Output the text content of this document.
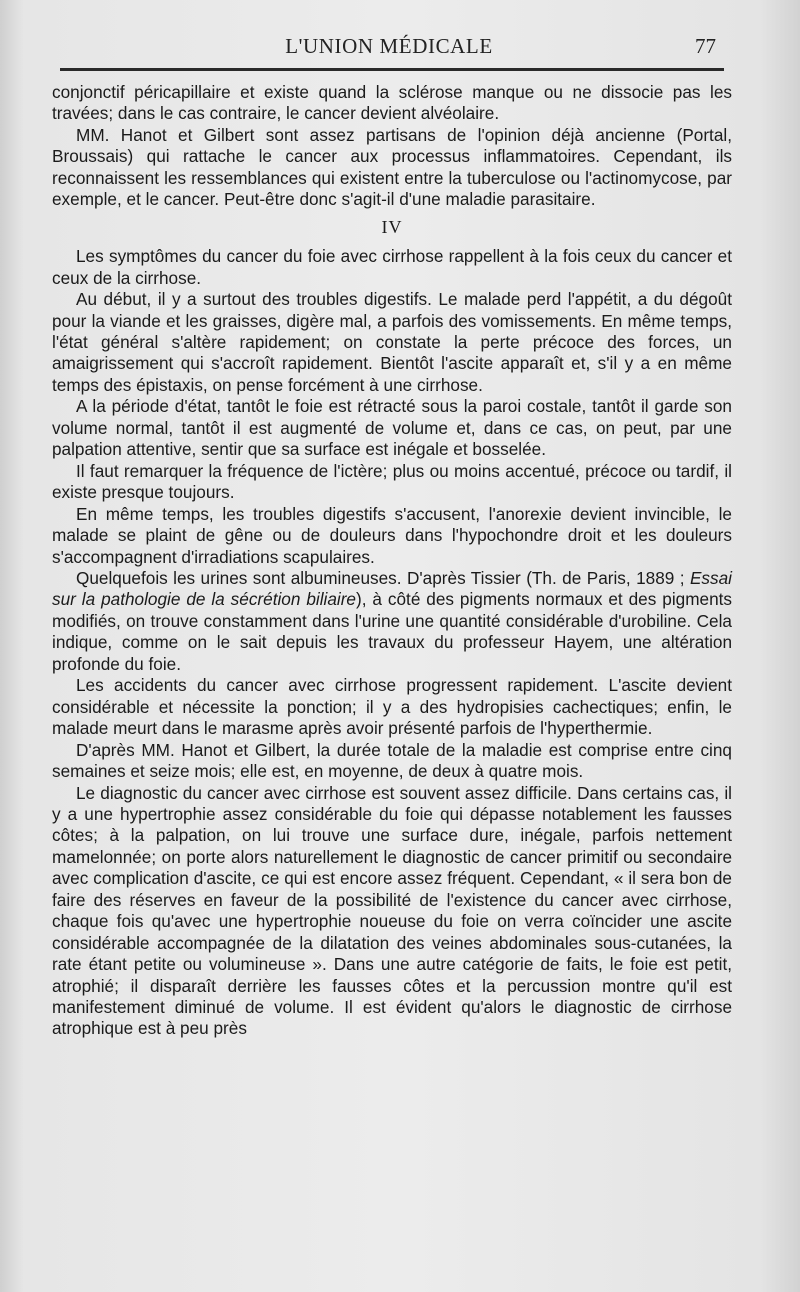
L'UNION MÉDICALE	77

conjonctif péricapillaire et existe quand la sclérose manque ou ne dissocie pas les travées; dans le cas contraire, le cancer devient alvéolaire.

MM. Hanot et Gilbert sont assez partisans de l'opinion déjà ancienne (Portal, Broussais) qui rattache le cancer aux processus inflammatoires. Cependant, ils reconnaissent les ressemblances qui existent entre la tuberculose ou l'actinomycose, par exemple, et le cancer. Peut-être donc s'agit-il d'une maladie parasitaire.

IV

Les symptômes du cancer du foie avec cirrhose rappellent à la fois ceux du cancer et ceux de la cirrhose.

Au début, il y a surtout des troubles digestifs. Le malade perd l'appétit, a du dégoût pour la viande et les graisses, digère mal, a parfois des vomissements. En même temps, l'état général s'altère rapidement; on constate la perte précoce des forces, un amaigrissement qui s'accroît rapidement. Bientôt l'ascite apparaît et, s'il y a en même temps des épistaxis, on pense forcément à une cirrhose.

A la période d'état, tantôt le foie est rétracté sous la paroi costale, tantôt il garde son volume normal, tantôt il est augmenté de volume et, dans ce cas, on peut, par une palpation attentive, sentir que sa surface est inégale et bosselée.

Il faut remarquer la fréquence de l'ictère; plus ou moins accentué, précoce ou tardif, il existe presque toujours.

En même temps, les troubles digestifs s'accusent, l'anorexie devient invincible, le malade se plaint de gêne ou de douleurs dans l'hypochondre droit et les douleurs s'accompagnent d'irradiations scapulaires.

Quelquefois les urines sont albumineuses. D'après Tissier (Th. de Paris, 1889 ; Essai sur la pathologie de la sécrétion biliaire), à côté des pigments normaux et des pigments modifiés, on trouve constamment dans l'urine une quantité considérable d'urobiline. Cela indique, comme on le sait depuis les travaux du professeur Hayem, une altération profonde du foie.

Les accidents du cancer avec cirrhose progressent rapidement. L'ascite devient considérable et nécessite la ponction; il y a des hydropisies cachectiques; enfin, le malade meurt dans le marasme après avoir présenté parfois de l'hyperthermie.

D'après MM. Hanot et Gilbert, la durée totale de la maladie est comprise entre cinq semaines et seize mois; elle est, en moyenne, de deux à quatre mois.

Le diagnostic du cancer avec cirrhose est souvent assez difficile. Dans certains cas, il y a une hypertrophie assez considérable du foie qui dépasse notablement les fausses côtes; à la palpation, on lui trouve une surface dure, inégale, parfois nettement mamelonnée; on porte alors naturellement le diagnostic de cancer primitif ou secondaire avec complication d'ascite, ce qui est encore assez fréquent. Cependant, « il sera bon de faire des réserves en faveur de la possibilité de l'existence du cancer avec cirrhose, chaque fois qu'avec une hypertrophie noueuse du foie on verra coïncider une ascite considérable accompagnée de la dilatation des veines abdominales sous-cutanées, la rate étant petite ou volumineuse ». Dans une autre catégorie de faits, le foie est petit, atrophié; il disparaît derrière les fausses côtes et la percussion montre qu'il est manifestement diminué de volume. Il est évident qu'alors le diagnostic de cirrhose atrophique est à peu près
